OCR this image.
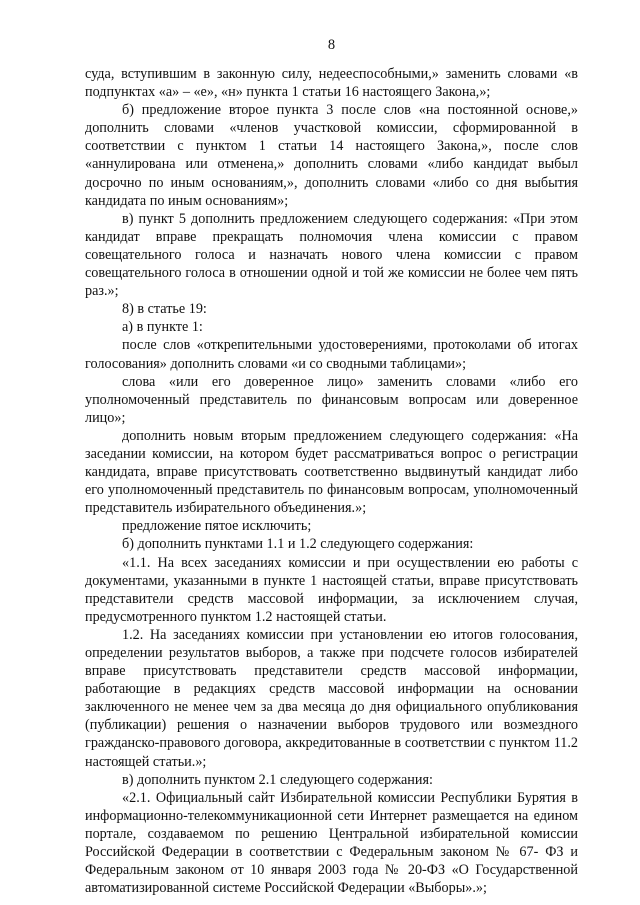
8

суда, вступившим в законную силу, недееспособными,» заменить словами «в подпунктах «а» – «е», «н» пункта 1 статьи 16 настоящего Закона,»;

б) предложение второе пункта 3 после слов «на постоянной основе,» дополнить словами «членов участковой комиссии, сформированной в соответствии с пунктом 1 статьи 14 настоящего Закона,», после слов «аннулирована или отменена,» дополнить словами «либо кандидат выбыл досрочно по иным основаниям,», дополнить словами «либо со дня выбытия кандидата по иным основаниям»;

в) пункт 5 дополнить предложением следующего содержания: «При этом кандидат вправе прекращать полномочия члена комиссии с правом совещательного голоса и назначать нового члена комиссии с правом совещательного голоса в отношении одной и той же комиссии не более чем пять раз.»;

8) в статье 19:

а) в пункте 1:

после слов «открепительными удостоверениями, протоколами об итогах голосования» дополнить словами «и со сводными таблицами»;

слова «или его доверенное лицо» заменить словами «либо его уполномоченный представитель по финансовым вопросам или доверенное лицо»;

дополнить новым вторым предложением следующего содержания: «На заседании комиссии, на котором будет рассматриваться вопрос о регистрации кандидата, вправе присутствовать соответственно выдвинутый кандидат либо его уполномоченный представитель по финансовым вопросам, уполномоченный представитель избирательного объединения.»;

предложение пятое исключить;

б) дополнить пунктами 1.1 и 1.2 следующего содержания:

«1.1. На всех заседаниях комиссии и при осуществлении ею работы с документами, указанными в пункте 1 настоящей статьи, вправе присутствовать представители средств массовой информации, за исключением случая, предусмотренного пунктом 1.2 настоящей статьи.

1.2. На заседаниях комиссии при установлении ею итогов голосования, определении результатов выборов, а также при подсчете голосов избирателей вправе присутствовать представители средств массовой информации, работающие в редакциях средств массовой информации на основании заключенного не менее чем за два месяца до дня официального опубликования (публикации) решения о назначении выборов трудового или возмездного гражданско-правового договора, аккредитованные в соответствии с пунктом 11.2 настоящей статьи.»;

в) дополнить пунктом 2.1 следующего содержания:

«2.1. Официальный сайт Избирательной комиссии Республики Бурятия в информационно-телекоммуникационной сети Интернет размещается на едином портале, создаваемом по решению Центральной избирательной комиссии Российской Федерации в соответствии с Федеральным законом № 67- ФЗ и Федеральным законом от 10 января 2003 года № 20-ФЗ «О Государственной автоматизированной системе Российской Федерации «Выборы».»;
